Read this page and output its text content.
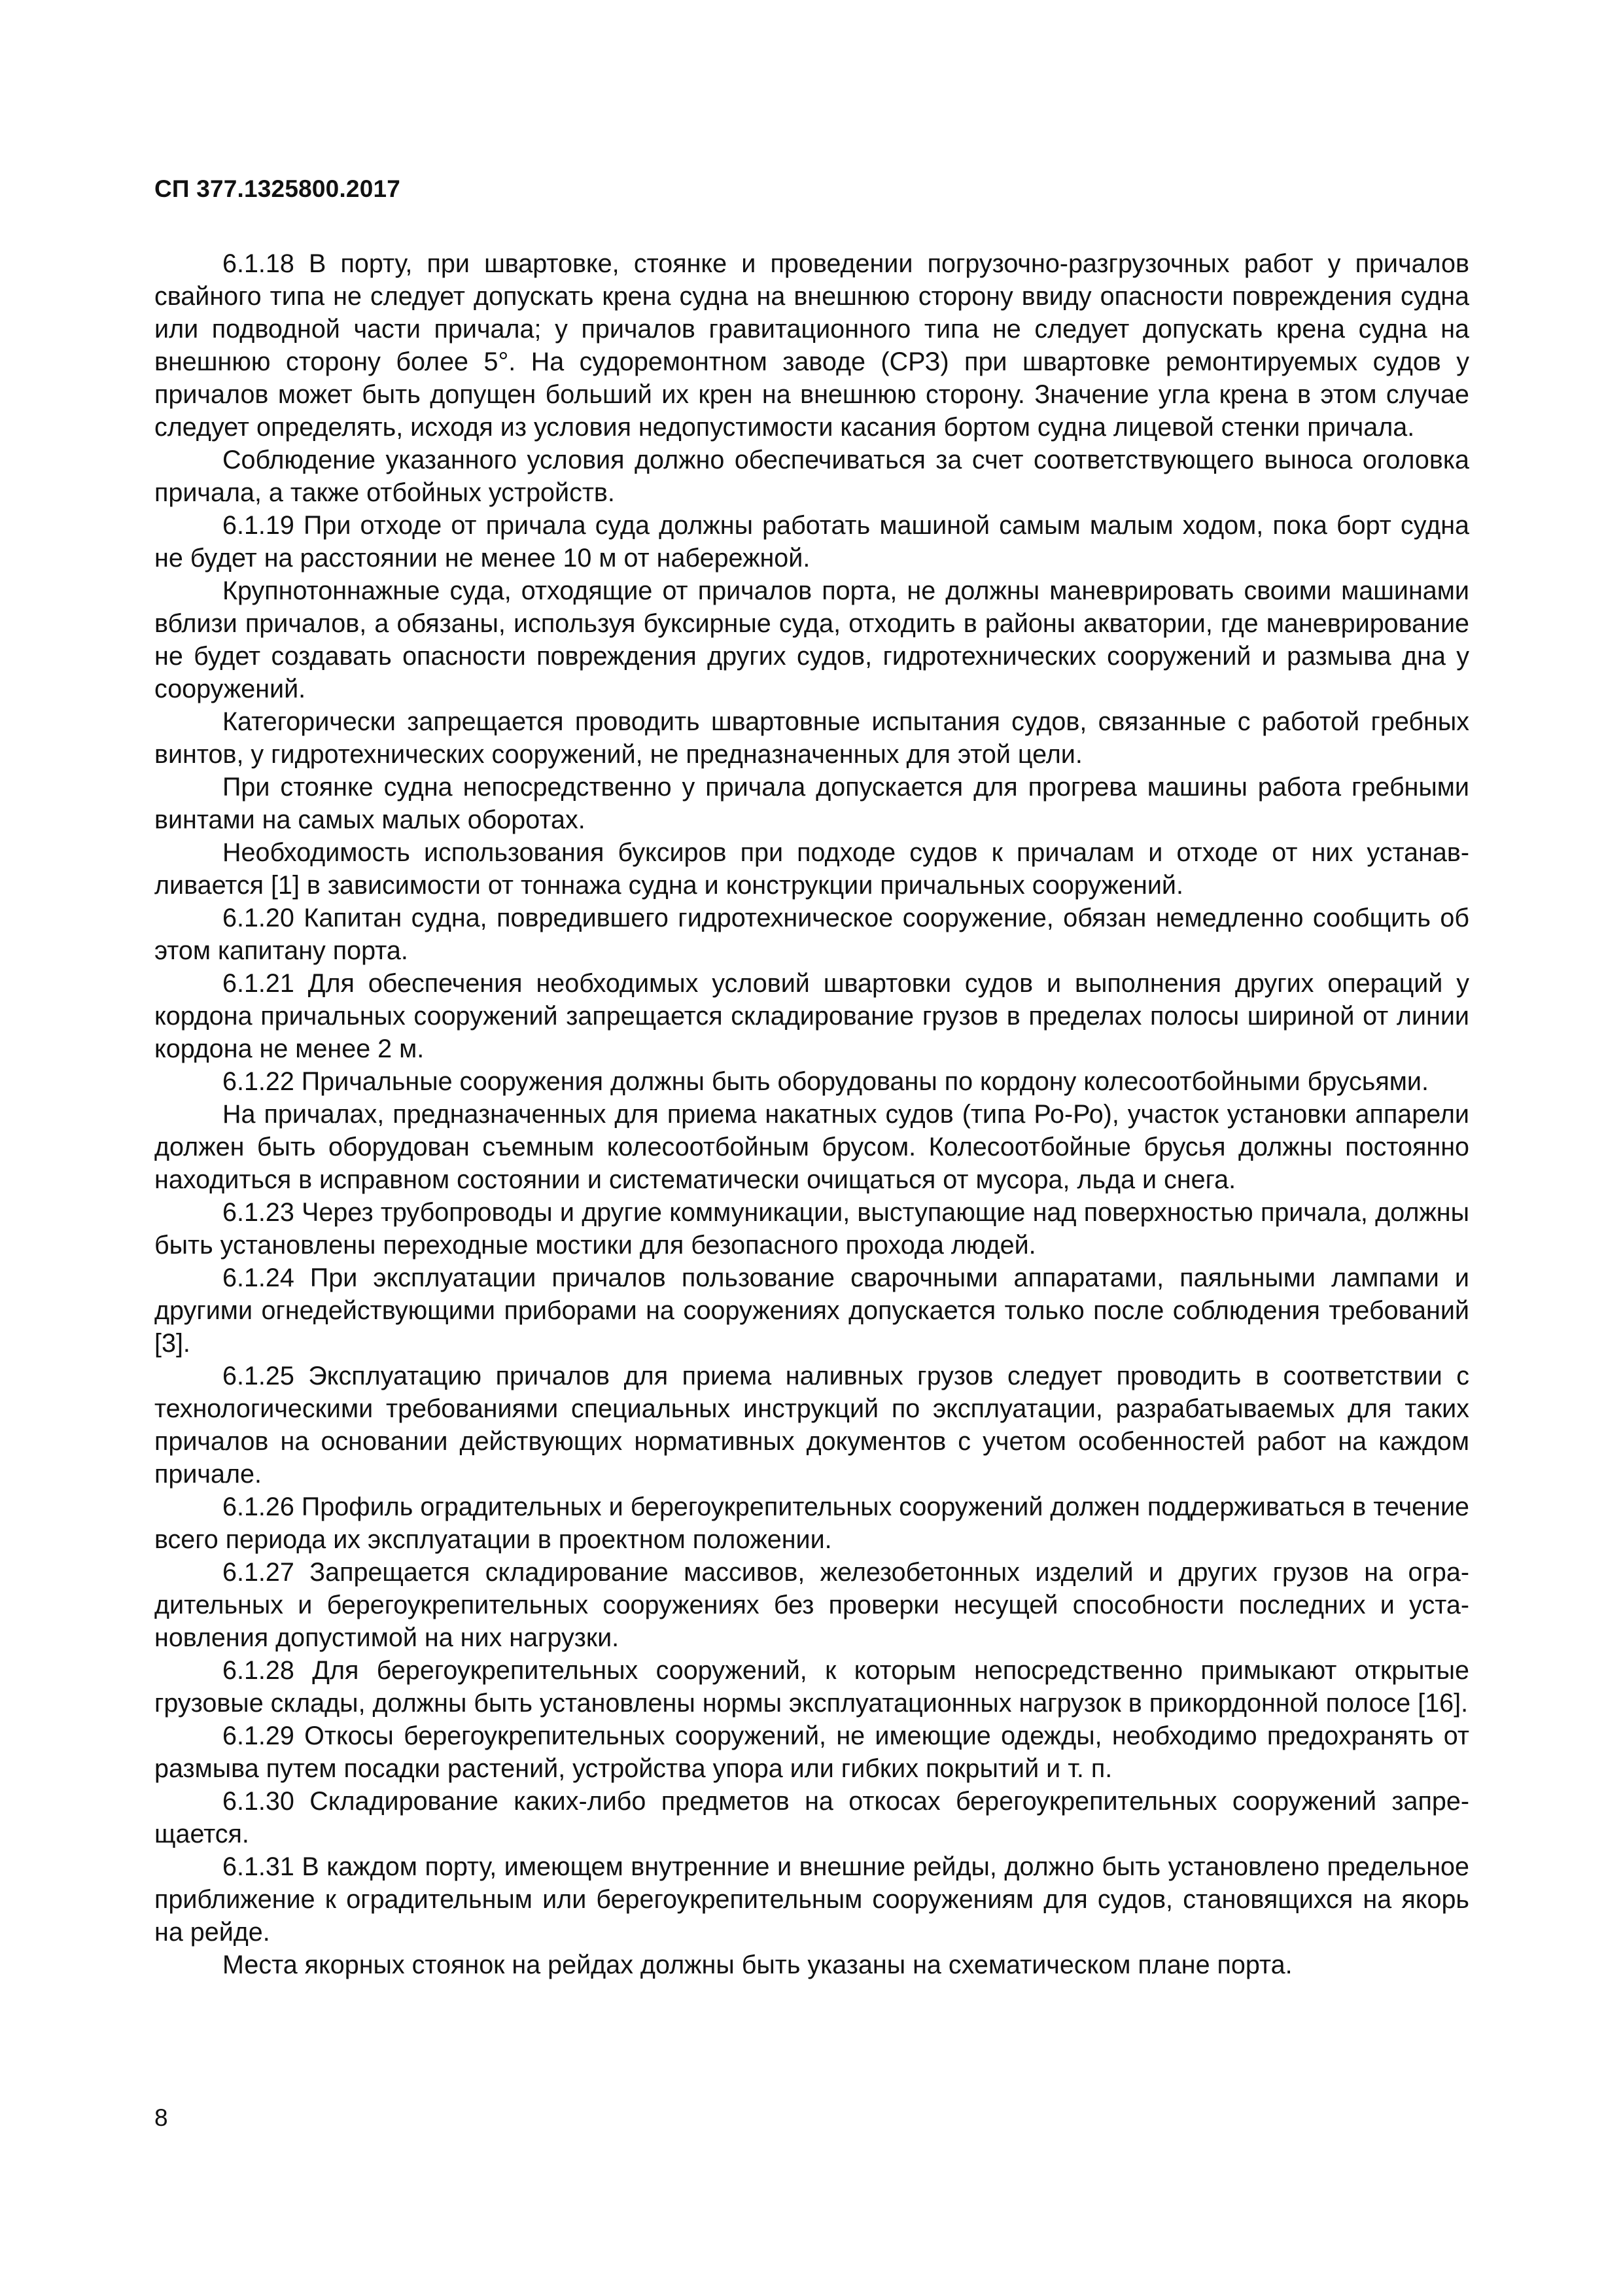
СП 377.1325800.2017

6.1.18 В порту, при швартовке, стоянке и проведении погрузочно-разгрузочных работ у причалов свайного типа не следует допускать крена судна на внешнюю сторону ввиду опасности повреждения судна или подводной части причала; у причалов гравитационного типа не следует допускать крена судна на внешнюю сторону более 5°. На судоремонтном заводе (СРЗ) при швартовке ремонтируемых судов у причалов может быть допущен больший их крен на внешнюю сторону. Значение угла крена в этом случае следует определять, исходя из условия недопустимости касания бортом судна лицевой стенки причала.

Соблюдение указанного условия должно обеспечиваться за счет соответствующего выноса оголовка причала, а также отбойных устройств.

6.1.19 При отходе от причала суда должны работать машиной самым малым ходом, пока борт судна не будет на расстоянии не менее 10 м от набережной.

Крупнотоннажные суда, отходящие от причалов порта, не должны маневрировать своими машинами вблизи причалов, а обязаны, используя буксирные суда, отходить в районы акватории, где маневрирование не будет создавать опасности повреждения других судов, гидротехнических сооружений и размыва дна у сооружений.

Категорически запрещается проводить швартовные испытания судов, связанные с работой гребных винтов, у гидротехнических сооружений, не предназначенных для этой цели.

При стоянке судна непосредственно у причала допускается для прогрева машины работа гребными винтами на самых малых оборотах.

Необходимость использования буксиров при подходе судов к причалам и отходе от них устанавливается [1] в зависимости от тоннажа судна и конструкции причальных сооружений.

6.1.20 Капитан судна, повредившего гидротехническое сооружение, обязан немедленно сообщить об этом капитану порта.

6.1.21 Для обеспечения необходимых условий швартовки судов и выполнения других операций у кордона причальных сооружений запрещается складирование грузов в пределах полосы шириной от линии кордона не менее 2 м.

6.1.22 Причальные сооружения должны быть оборудованы по кордону колесоотбойными брусьями.

На причалах, предназначенных для приема накатных судов (типа Ро-Ро), участок установки аппарели должен быть оборудован съемным колесоотбойным брусом. Колесоотбойные брусья должны постоянно находиться в исправном состоянии и систематически очищаться от мусора, льда и снега.

6.1.23 Через трубопроводы и другие коммуникации, выступающие над поверхностью причала, должны быть установлены переходные мостики для безопасного прохода людей.

6.1.24 При эксплуатации причалов пользование сварочными аппаратами, паяльными лампами и другими огнедействующими приборами на сооружениях допускается только после соблюдения требований [3].

6.1.25 Эксплуатацию причалов для приема наливных грузов следует проводить в соответствии с технологическими требованиями специальных инструкций по эксплуатации, разрабатываемых для таких причалов на основании действующих нормативных документов с учетом особенностей работ на каждом причале.

6.1.26 Профиль оградительных и берегоукрепительных сооружений должен поддерживаться в течение всего периода их эксплуатации в проектном положении.

6.1.27 Запрещается складирование массивов, железобетонных изделий и других грузов на оградительных и берегоукрепительных сооружениях без проверки несущей способности последних и установления допустимой на них нагрузки.

6.1.28 Для берегоукрепительных сооружений, к которым непосредственно примыкают открытые грузовые склады, должны быть установлены нормы эксплуатационных нагрузок в прикордонной полосе [16].

6.1.29 Откосы берегоукрепительных сооружений, не имеющие одежды, необходимо предохранять от размыва путем посадки растений, устройства упора или гибких покрытий и т. п.

6.1.30 Складирование каких-либо предметов на откосах берегоукрепительных сооружений запрещается.

6.1.31 В каждом порту, имеющем внутренние и внешние рейды, должно быть установлено предельное приближение к оградительным или берегоукрепительным сооружениям для судов, становящихся на якорь на рейде.

Места якорных стоянок на рейдах должны быть указаны на схематическом плане порта.

8
